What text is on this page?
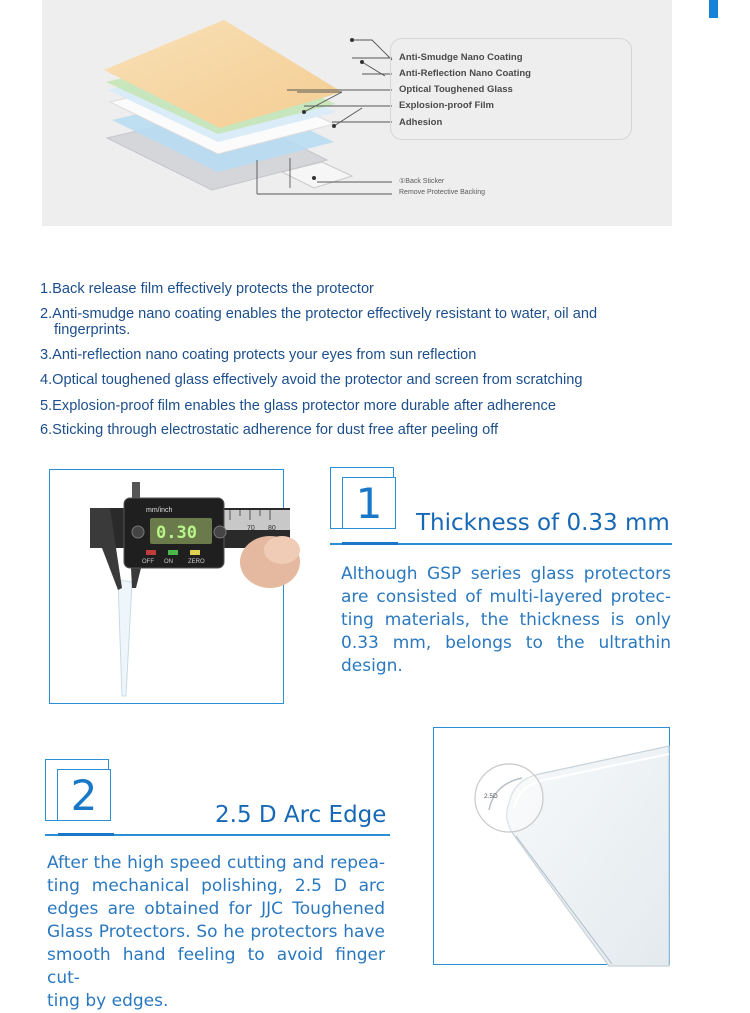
Anti-Smudge Nano Coating
Anti-Reflection Nano Coating
Optical Toughened Glass
Explosion-proof Film
Adhesion
①Back Sticker
Remove Protective Backing
1.Back release film effectively protects the protector
2.Anti-smudge nano coating enables the protector effectively resistant to water, oil and
fingerprints.
3.Anti-reflection nano coating protects your eyes from sun reflection
4.Optical toughened glass effectively avoid the protector and screen from scratching
5.Explosion-proof film enables the glass protector more durable after adherence
6.Sticking through electrostatic adherence for dust free after peeling off
70 80
mm/inch
0.30
OFF ON	ZERO
1	Thickness of 0.33 mm
Although GSP series glass protectors
are consisted of multi-layered protec-
ting materials, the thickness is only
0.33 mm, belongs to the ultrathin
design.
2	2.5 D Arc Edge
After the high speed cutting and repea-
ting mechanical polishing, 2.5 D arc
edges are obtained for JJC Toughened
Glass Protectors. So he protectors have
smooth hand feeling to avoid finger cut-
ting by edges.
2.5D
